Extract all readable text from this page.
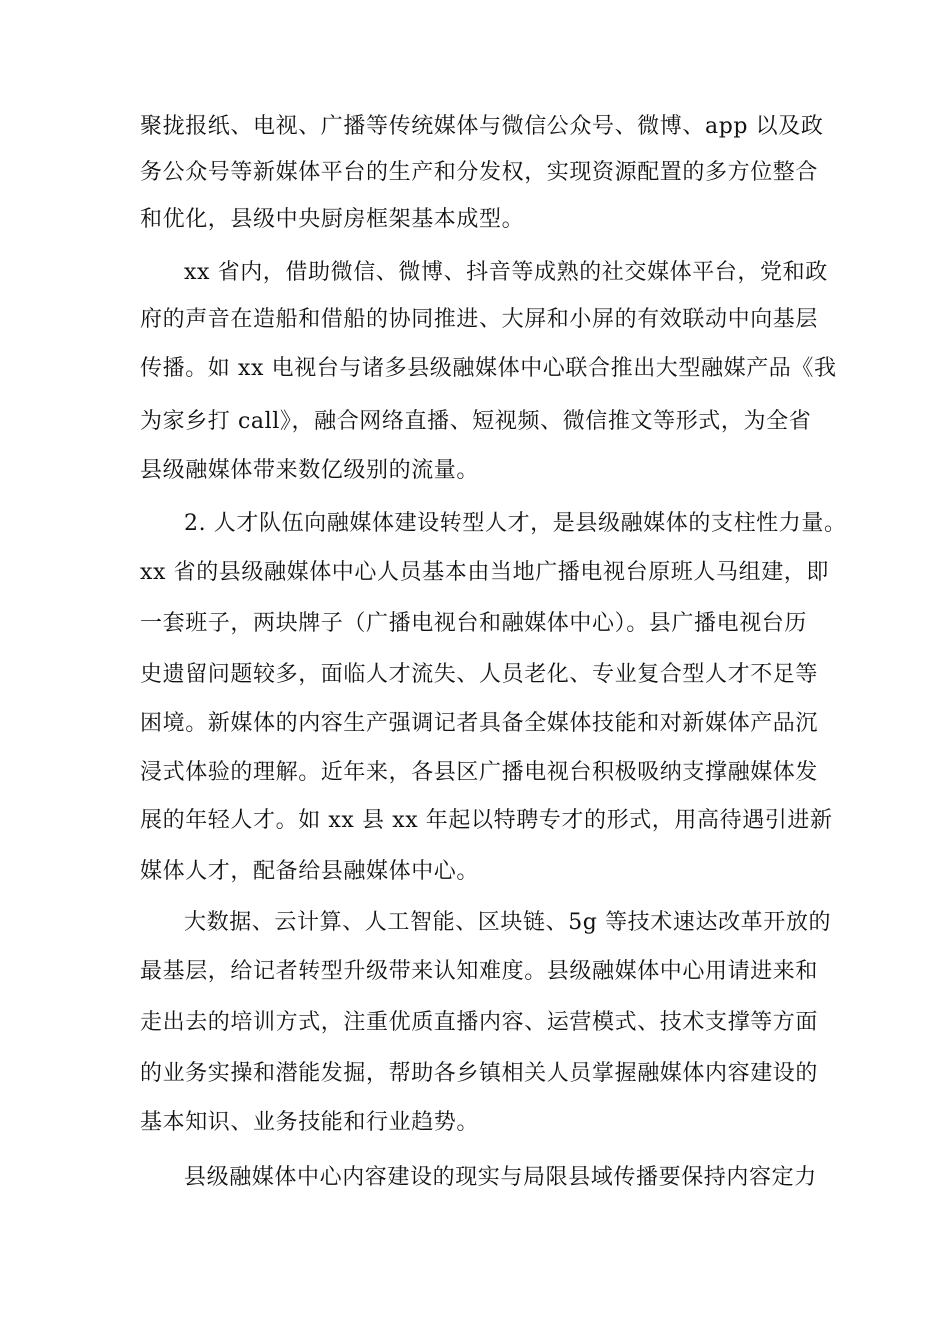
聚拢报纸、电视、广播等传统媒体与微信公众号、微博、app 以及政
务公众号等新媒体平台的生产和分发权，实现资源配置的多方位整合
和优化，县级中央厨房框架基本成型。
xx 省内，借助微信、微博、抖音等成熟的社交媒体平台，党和政
府的声音在造船和借船的协同推进、大屏和小屏的有效联动中向基层
传播。如 xx 电视台与诸多县级融媒体中心联合推出大型融媒产品《我
为家乡打 call》，融合网络直播、短视频、微信推文等形式，为全省
县级融媒体带来数亿级别的流量。
2. 人才队伍向融媒体建设转型人才，是县级融媒体的支柱性力量。
xx 省的县级融媒体中心人员基本由当地广播电视台原班人马组建，即
一套班子，两块牌子（广播电视台和融媒体中心）。县广播电视台历
史遗留问题较多，面临人才流失、人员老化、专业复合型人才不足等
困境。新媒体的内容生产强调记者具备全媒体技能和对新媒体产品沉
浸式体验的理解。近年来，各县区广播电视台积极吸纳支撑融媒体发
展的年轻人才。如 xx 县 xx 年起以特聘专才的形式，用高待遇引进新
媒体人才，配备给县融媒体中心。
大数据、云计算、人工智能、区块链、5g 等技术速达改革开放的
最基层，给记者转型升级带来认知难度。县级融媒体中心用请进来和
走出去的培训方式，注重优质直播内容、运营模式、技术支撑等方面
的业务实操和潜能发掘，帮助各乡镇相关人员掌握融媒体内容建设的
基本知识、业务技能和行业趋势。
县级融媒体中心内容建设的现实与局限县域传播要保持内容定力
